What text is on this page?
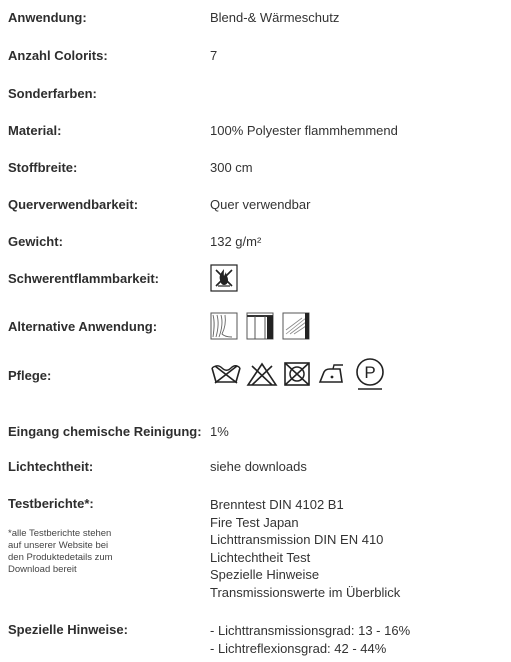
Anwendung:	Blend-& Wärmeschutz
Anzahl Colorits:	7
Sonderfarben:
Material:	100% Polyester flammhemmend
Stoffbreite:	300 cm
Querverwendbarkeit:	Quer verwendbar
Gewicht:	132 g/m²
Schwerentflammbarkeit:
Alternative Anwendung:
Pflege:	P
Eingang chemische Reinigung: 1%
Lichtechtheit:	siehe downloads
Testberichte*:
*alle Testberichte stehen
auf unserer Website bei
den Produktedetails zum
Download bereit
Brenntest DIN 4102 B1
Fire Test Japan
Lichttransmission DIN EN 410
Lichtechtheit Test
Spezielle Hinweise
Transmissionswerte im Überblick
Spezielle Hinweise:	- Lichttransmissionsgrad: 13 - 16%
- Lichtreflexionsgrad: 42 - 44%
